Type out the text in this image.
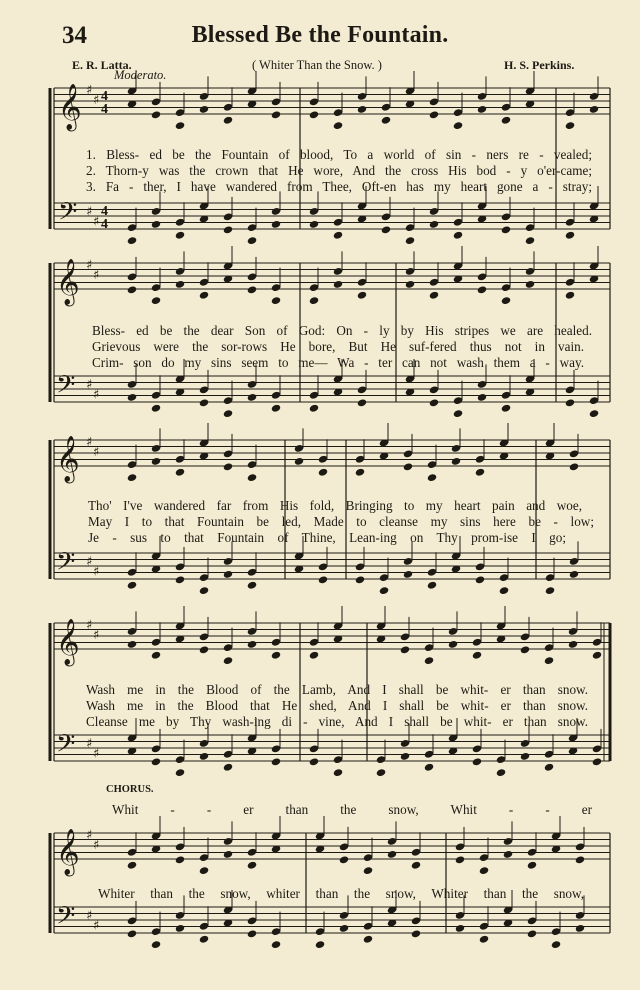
34	Blessed Be the Fountain.
E. R. Latta.	( Whiter Than the Snow. )	H. S. Perkins.
Moderato.
𝄞
𝄢
♯
♯
♯
♯
4
4
4
4
𝄞
𝄢
♯
♯
♯
♯
𝄞
𝄢
♯
♯
♯
♯
𝄞
𝄢
♯
♯
♯
♯
𝄞
𝄢
♯
♯
♯
♯
1. Bless- ed be the Fountain of blood, To a world of sin - ners re - vealed;
2. Thorn-y was the crown that He wore, And the cross His bod - y o'er-came;
3. Fa - ther, I have wandered from Thee, Oft-en has my heart gone a - stray;
Bless- ed be the dear Son of God: On - ly by His stripes we are healed.
Grievous were the sor-rows He bore, But He suf-fered thus not in vain.
Crim- son do my sins seem to me— Wa - ter can not wash them a - way.
Tho' I've wandered far from His fold, Bringing to my heart pain and woe,
May I to that Fountain be led, Made to cleanse my sins here be - low;
Je - sus to that Fountain of Thine, Lean-ing on Thy prom-ise I go;
Wash me in the Blood of the Lamb, And I shall be whit- er than snow.
Wash me in the Blood that He shed, And I shall be whit- er than snow.
Cleanse me by Thy wash-ing di - vine, And I shall be whit- er than snow.
CHORUS.
Whit - - er than the snow, Whit - - er
Whiter than the snow, whiter than the snow, Whiter than the snow,
